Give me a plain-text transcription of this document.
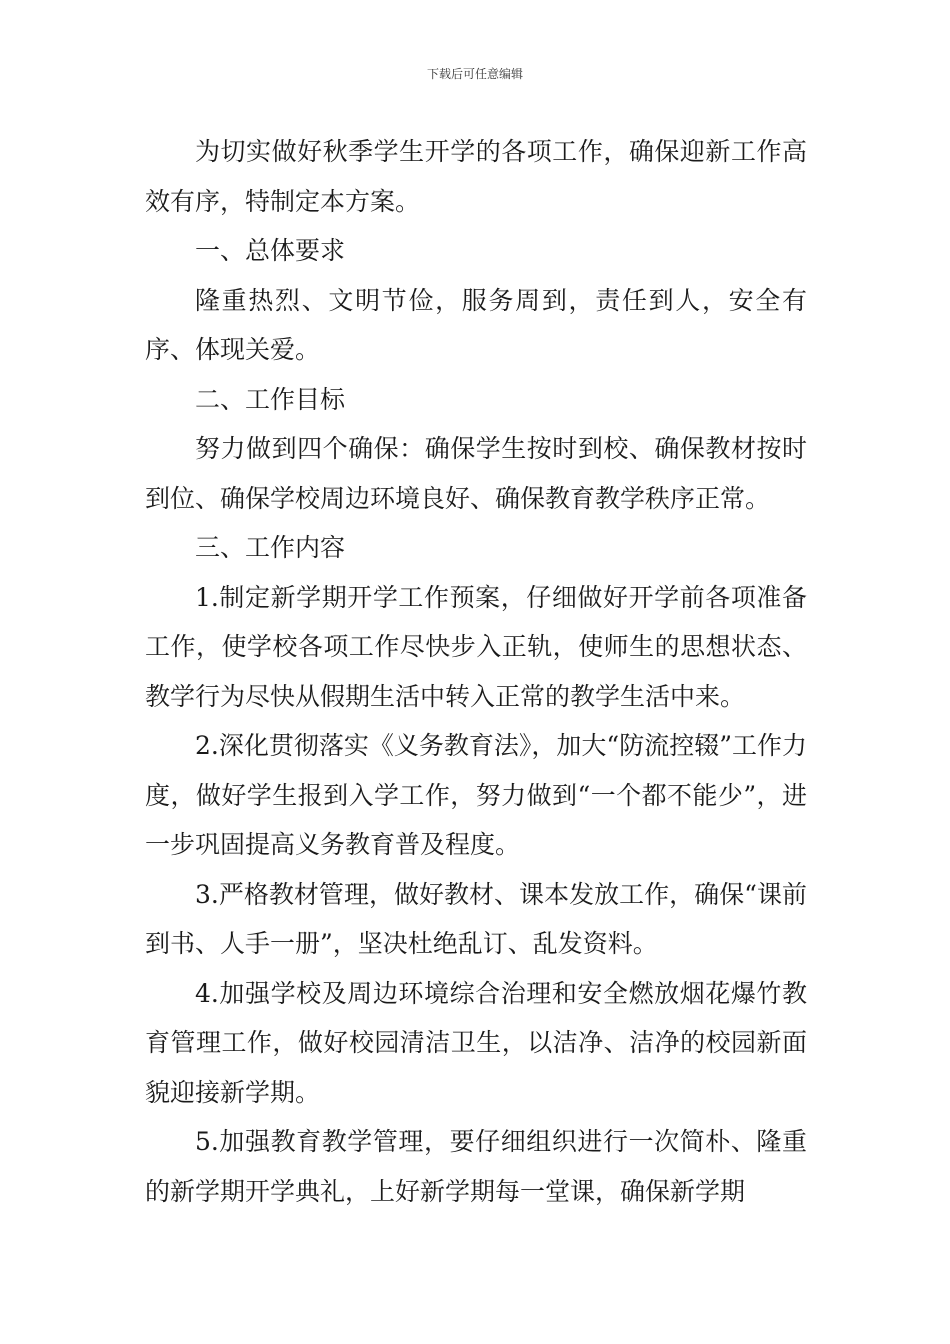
下载后可任意编辑

为切实做好秋季学生开学的各项工作，确保迎新工作高效有序，特制定本方案。

一、总体要求

隆重热烈、文明节俭，服务周到，责任到人，安全有序、体现关爱。

二、工作目标

努力做到四个确保：确保学生按时到校、确保教材按时到位、确保学校周边环境良好、确保教育教学秩序正常。

三、工作内容

1.制定新学期开学工作预案，仔细做好开学前各项准备工作，使学校各项工作尽快步入正轨，使师生的思想状态、教学行为尽快从假期生活中转入正常的教学生活中来。

2.深化贯彻落实《义务教育法》，加大“防流控辍”工作力度，做好学生报到入学工作，努力做到“一个都不能少”，进一步巩固提高义务教育普及程度。

3.严格教材管理，做好教材、课本发放工作，确保“课前到书、人手一册”，坚决杜绝乱订、乱发资料。

4.加强学校及周边环境综合治理和安全燃放烟花爆竹教育管理工作，做好校园清洁卫生，以洁净、洁净的校园新面貌迎接新学期。

5.加强教育教学管理，要仔细组织进行一次简朴、隆重的新学期开学典礼，上好新学期每一堂课，确保新学期
